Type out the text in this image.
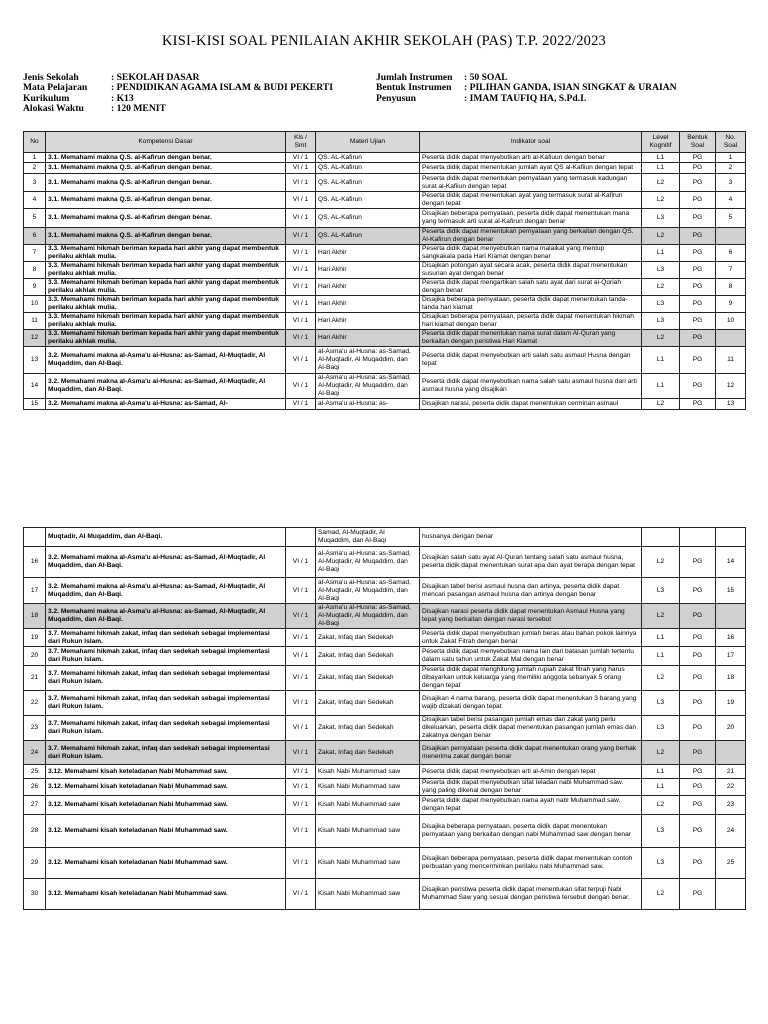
KISI-KISI SOAL PENILAIAN AKHIR SEKOLAH (PAS) T.P. 2022/2023
Jenis Sekolah	: SEKOLAH DASAR
Mata Pelajaran	: PENDIDIKAN AGAMA ISLAM & BUDI PEKERTI
Kurikulum	: K13
Alokasi Waktu	: 120 MENIT
Jumlah Instrumen	: 50 SOAL
Bentuk Instrumen	: PILIHAN GANDA, ISIAN SINGKAT & URAIAN
Penyusun	: IMAM TAUFIQ HA, S.Pd.I.
No	Kompetensi Dasar	Kls / Smt	Materi Ujian	Indikator soal	Level Kognitif	Bentuk Soal	No. Soal
1	3.1. Memahami makna Q.S. al-Kafirun dengan benar.	VI / 1	QS. AL-Kafirun	Peserta didik dapat menyebutkan arti al-Kafiuun dengan benar	L1	PG	1
2	3.1. Memahami makna Q.S. al-Kafirun dengan benar.	VI / 1	QS. AL-Kafirun	Peserta didik dapat menentukan jumlah ayat QS al-Kafiiun dengan tepat	L1	PG	2
3	3.1. Memahami makna Q.S. al-Kafirun dengan benar.	VI / 1	QS. AL-Kafirun	Peserta didik dapat menentukan pernyataan yang termasuk kadungan surat al-Kafiiun dengan tepat	L2	PG	3
4	3.1. Memahami makna Q.S. al-Kafirun dengan benar.	VI / 1	QS. AL-Kafirun	Peserta didik dapat menentukan ayat yang termasuk surat al-Kafirun dengan tepat	L2	PG	4
5	3.1. Memahami makna Q.S. al-Kafirun dengan benar.	VI / 1	QS. AL-Kafirun	Disajikan beberapa pernyataan, peserta didik dapat menentukan mana yang termasuk arti surat al-Kafirun dengan benar	L3	PG	5
6	3.1. Memahami makna Q.S. al-Kafirun dengan benar.	VI / 1	QS. AL-Kafirun	Peserta didik dapat menentukan pernyataan yang berkaitan dengan QS. Al-Kafirun dengan benar	L2	PG	
7	3.3. Memahami hikmah beriman kepada hari akhir yang dapat membentuk perilaku akhlak mulia.	VI / 1	Hari Akhir	Peserta didik dapat menyebutkan nama malaikat yang meniup sangkakala pada Hari Kiamat dengan benar	L1	PG	6
8	3.3. Memahami hikmah beriman kepada hari akhir yang dapat membentuk perilaku akhlak mulia.	VI / 1	Hari Akhir	Disajikan potongan ayat secara acak, peserta didik dapat menentukan susunan ayat dengan benar	L3	PG	7
9	3.3. Memahami hikmah beriman kepada hari akhir yang dapat membentuk perilaku akhlak mulia.	VI / 1	Hari Akhir	Peserta didik dapat mengartikan salah satu ayat dari surat al-Qoriah dengan benar	L2	PG	8
10	3.3. Memahami hikmah beriman kepada hari akhir yang dapat membentuk perilaku akhlak mulia.	VI / 1	Hari Akhir	Disajika beberapa pernyataan, peserta didik dapat menentukan tanda-tanda hari kiamat	L3	PG	9
11	3.3. Memahami hikmah beriman kepada hari akhir yang dapat membentuk perilaku akhlak mulia.	VI / 1	Hari Akhir	Disajikan beberapa pernyataan, peserta didik dapat menentukan hikmah hari kiamat dengan benar	L3	PG	10
12	3.3. Memahami hikmah beriman kepada hari akhir yang dapat membentuk perilaku akhlak mulia.	VI / 1	Hari Akhir	Peserta didik dapat menentukan nama surat dalam Al-Quran yang berkaitan dengan peristiwa Hari Kiamat	L2	PG	
13	3.2. Memahami makna al-Asma'u al-Husna: as-Samad, Al-Muqtadir, Al Muqaddim, dan Al-Baqi.	VI / 1	al-Asma'u al-Husna: as-Samad, Al-Muqtadir, Al Muqaddim, dan Al-Baqi	Peserta didik dapat menyebutkan arti salah satu asmaul Husna dengan tepat	L1	PG	11
14	3.2. Memahami makna al-Asma'u al-Husna: as-Samad, Al-Muqtadir, Al Muqaddim, dan Al-Baqi.	VI / 1	al-Asma'u al-Husna: as-Samad, Al-Muqtadir, Al Muqaddim, dan Al-Baqi	Peserta didik dapat menyebutkan nama salah satu asmaul husna dari arti asmaul husna yang disajikan	L1	PG	12
15	3.2. Memahami makna al-Asma'u al-Husna: as-Samad, Al-	VI / 1	al-Asma'u al-Husna: as-	Disajikan narasi, peserta didik dapat menentukan cerminan asmaul	L2	PG	13
	Muqtadir, Al Muqaddim, dan Al-Baqi.		Samad, Al-Muqtadir, Al Muqaddim, dan Al-Baqi	husnanya dengan benar			
16	3.2. Memahami makna al-Asma'u al-Husna: as-Samad, Al-Muqtadir, Al Muqaddim, dan Al-Baqi.	VI / 1	al-Asma'u al-Husna: as-Samad, Al-Muqtadir, Al Muqaddim, dan Al-Baqi	Disajikan salah satu ayat Al-Quran tentang salah satu asmaul husna, peserta didik dapat menentukan surat apa dan ayat berapa dengan tepat	L2	PG	14
17	3.2. Memahami makna al-Asma'u al-Husna: as-Samad, Al-Muqtadir, Al Muqaddim, dan Al-Baqi.	VI / 1	al-Asma'u al-Husna: as-Samad, Al-Muqtadir, Al Muqaddim, dan Al-Baqi	Disajikan tabel berisi asmaul husna dan artinya, peserta didik dapat mencari pasangan asmaul husna dan artinya dengan benar	L3	PG	15
18	3.2. Memahami makna al-Asma'u al-Husna: as-Samad, Al-Muqtadir, Al Muqaddim, dan Al-Baqi.	VI / 1	al-Asma'u al-Husna: as-Samad, Al-Muqtadir, Al Muqaddim, dan Al-Baqi	Disajikan narasi peserta didik dapat menentukan Asmaul Husna yang tepat yang berkaitan dengan narasi tersebut	L2	PG	
19	3.7. Memahami hikmah zakat, infaq dan sedekah sebagai implementasi dari Rukun Islam.	VI / 1	Zakat, Infaq dan Sedekah	Peserta didik dapat menyebutkan jumlah beras atau bahan pokok lainnya untuk Zakat Fitrah dengan benar	L1	PG	16
20	3.7. Memahami hikmah zakat, infaq dan sedekah sebagai implementasi dari Rukun Islam.	VI / 1	Zakat, Infaq dan Sedekah	Peserta didik dapat menyebutkan nama lain dari batasan jumlah tertentu dalam satu tahun untuk Zakat Mal dengan benar	L1	PG	17
21	3.7. Memahami hikmah zakat, infaq dan sedekah sebagai implementasi dari Rukun Islam.	VI / 1	Zakat, Infaq dan Sedekah	Peserta didik dapat menghitung jumlah rupiah zakat fitrah yang harus dibayarkan untuk keluarga yang memiliki anggota sebanyak 5 orang dengan tepat	L2	PG	18
22	3.7. Memahami hikmah zakat, infaq dan sedekah sebagai implementasi dari Rukun Islam.	VI / 1	Zakat, Infaq dan Sedekah	Disajikan 4 nama barang, peserta didik dapat menentukan 3 barang yang wajib dizakati dengan tepat	L3	PG	19
23	3.7. Memahami hikmah zakat, infaq dan sedekah sebagai implementasi dari Rukun Islam.	VI / 1	Zakat, Infaq dan Sedekah	Disajikan tabel berisi pasangan jumlah emas dan zakat yang perlu dikeluarkan, peserta didik dapat menentukan pasangan jumlah emas dan zakatnya dengan benar	L3	PG	20
24	3.7. Memahami hikmah zakat, infaq dan sedekah sebagai implementasi dari Rukun Islam.	VI / 1	Zakat, Infaq dan Sedekah	Disajikan pernyataan peserta didik dapat menentukan orang yang berhak menerima zakat dengan benar	L2	PG	
25	3.12. Memahami kisah keteladanan Nabi Muhammad saw.	VI / 1	Kisah Nabi Muhammad saw	Peserta didik dapat menyebutkan arti al-Amin dengan tepat	L1	PG	21
26	3.12. Memahami kisah keteladanan Nabi Muhammad saw.	VI / 1	Kisah Nabi Muhammad saw	Peserta didik dapat menyebutkan sifat teladan nabi Muhammad saw. yang paling dikenal dengan benar	L1	PG	22
27	3.12. Memahami kisah keteladanan Nabi Muhammad saw.	VI / 1	Kisah Nabi Muhammad saw	Peserta didik dapat menyebutkan nama ayah nabi Muhammad saw. dengan tepat	L2	PG	23
28	3.12. Memahami kisah keteladanan Nabi Muhammad saw.	VI / 1	Kisah Nabi Muhammad saw	Disajika beberapa pernyataan, peserta didik dapat menentukan pernyataan yang berkaitan dengan nabi Muhammad saw dengan benar	L3	PG	24
29	3.12. Memahami kisah keteladanan Nabi Muhammad saw.	VI / 1	Kisah Nabi Muhammad saw	Disajikan beberapa pernyataan, peserta didik dapat menentukan contoh perbuatan yang mencerminkan perilaku nabi Muhammad saw.	L3	PG	25
30	3.12. Memahami kisah keteladanan Nabi Muhammad saw.	VI / 1	Kisah Nabi Muhammad saw	Disajikan peristiwa peserta didik dapat menentukan sifat terpuji Nabi Muhammad Saw yang sesuai dengan peristiwa tersebut dengan benar.	L2	PG	
